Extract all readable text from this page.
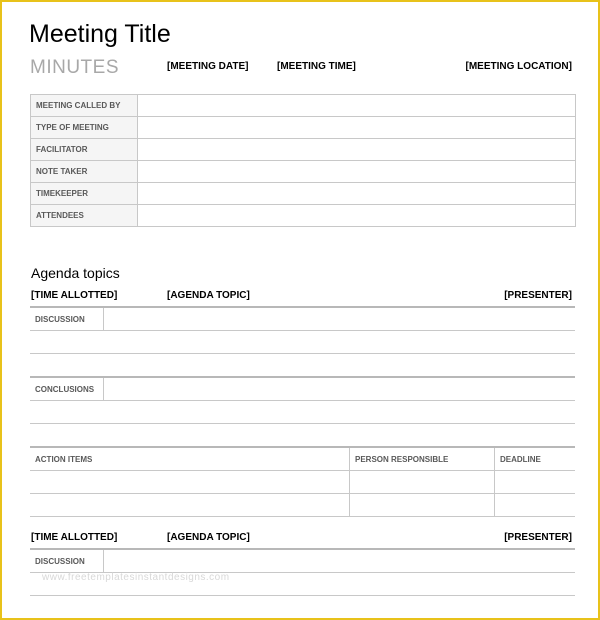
Meeting Title
MINUTES	[MEETING DATE]	[MEETING TIME]	[MEETING LOCATION]
MEETING CALLED BY	
TYPE OF MEETING	
FACILITATOR	
NOTE TAKER	
TIMEKEEPER	
ATTENDEES	
Agenda topics
[TIME ALLOTTED]	[AGENDA TOPIC]	[PRESENTER]
DISCUSSION	

CONCLUSIONS	

ACTION ITEMS	PERSON RESPONSIBLE	DEADLINE

[TIME ALLOTTED]	[AGENDA TOPIC]	[PRESENTER]
DISCUSSION	

www.freetemplatesinstantdesigns.com
